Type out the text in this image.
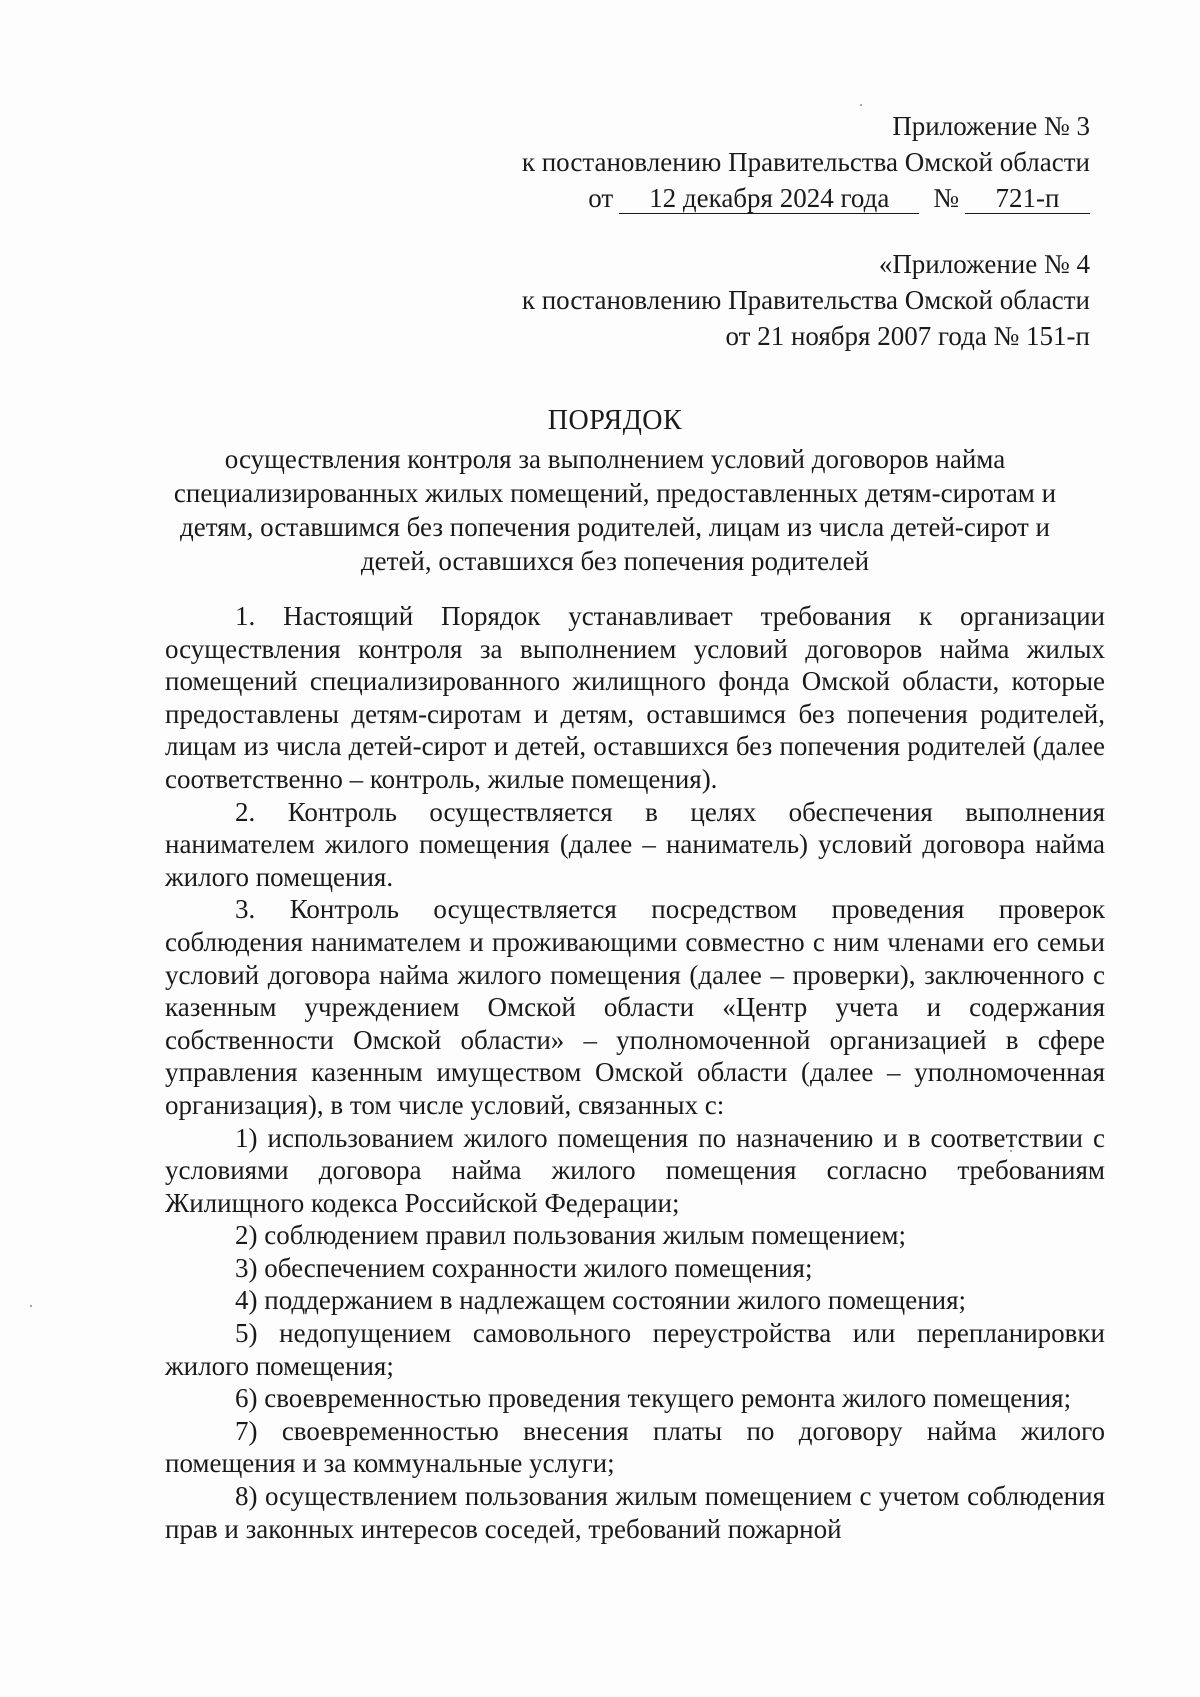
Приложение № 3
к постановлению Правительства Омской области
от	12 декабря 2024 года	№	721-п
«Приложение № 4
к постановлению Правительства Омской области
от 21 ноября 2007 года № 151-п
ПОРЯДОК
осуществления контроля за выполнением условий договоров найма
специализированных жилых помещений, предоставленных детям-сиротам и
детям, оставшимся без попечения родителей, лицам из числа детей-сирот и
детей, оставшихся без попечения родителей

1. Настоящий Порядок устанавливает требования к организации осуществления контроля за выполнением условий договоров найма жилых помещений специализированного жилищного фонда Омской области, которые предоставлены детям-сиротам и детям, оставшимся без попечения родителей, лицам из числа детей-сирот и детей, оставшихся без попечения родителей (далее соответственно – контроль, жилые помещения).

2. Контроль осуществляется в целях обеспечения выполнения нанимателем жилого помещения (далее – наниматель) условий договора найма жилого помещения.

3. Контроль осуществляется посредством проведения проверок соблюдения нанимателем и проживающими совместно с ним членами его семьи условий договора найма жилого помещения (далее – проверки), заключенного с казенным учреждением Омской области «Центр учета и содержания собственности Омской области» – уполномоченной организацией в сфере управления казенным имуществом Омской области (далее – уполномоченная организация), в том числе условий, связанных с:

1) использованием жилого помещения по назначению и в соответствии с условиями договора найма жилого помещения согласно требованиям Жилищного кодекса Российской Федерации;

2) соблюдением правил пользования жилым помещением;

3) обеспечением сохранности жилого помещения;

4) поддержанием в надлежащем состоянии жилого помещения;

5) недопущением самовольного переустройства или перепланировки жилого помещения;

6) своевременностью проведения текущего ремонта жилого помещения;

7) своевременностью внесения платы по договору найма жилого помещения и за коммунальные услуги;

8) осуществлением пользования жилым помещением с учетом соблюдения прав и законных интересов соседей, требований пожарной
